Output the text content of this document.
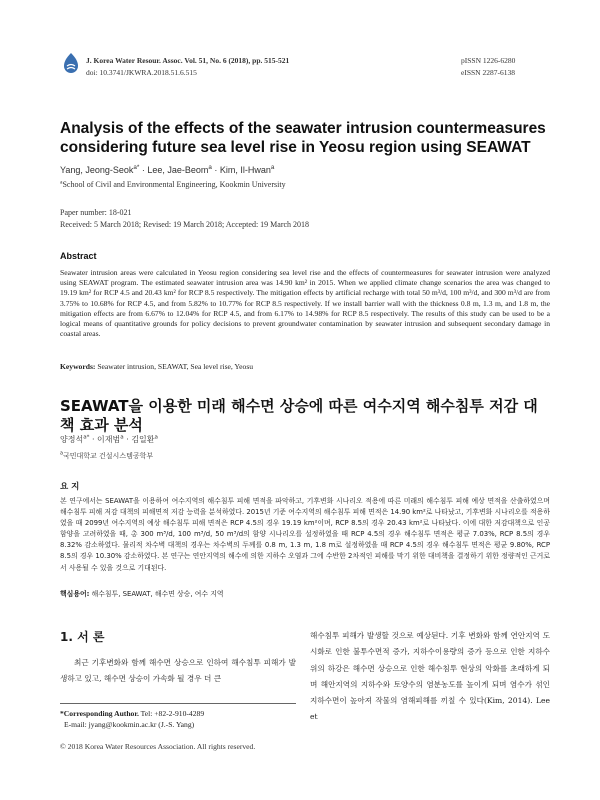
J. Korea Water Resour. Assoc. Vol. 51, No. 6 (2018), pp. 515-521
doi: 10.3741/JKWRA.2018.51.6.515
pISSN 1226-6280
eISSN 2287-6138
Analysis of the effects of the seawater intrusion countermeasures considering future sea level rise in Yeosu region using SEAWAT
Yang, Jeong-Seok$^{a*}$ · Lee, Jae-Beom$^a$ · Kim, Il-Hwan$^a$
$^a$School of Civil and Environmental Engineering, Kookmin University
Paper number: 18-021
Received: 5 March 2018; Revised: 19 March 2018; Accepted: 19 March 2018
Abstract

Seawater intrusion areas were calculated in Yeosu region considering sea level rise and the effects of countermeasures for seawater intrusion were analyzed using SEAWAT program. The estimated seawater intrusion area was 14.90 km² in 2015. When we applied climate change scenarios the area was changed to 19.19 km² for RCP 4.5 and 20.43 km² for RCP 8.5 respectively. The mitigation effects by artificial recharge with total 50 m³/d, 100 m³/d, and 300 m³/d are from 3.75% to 10.68% for RCP 4.5, and from 5.82% to 10.77% for RCP 8.5 respectively. If we install barrier wall with the thickness 0.8 m, 1.3 m, and 1.8 m, the mitigation effects are from 6.67% to 12.04% for RCP 4.5, and from 6.17% to 14.98% for RCP 8.5 respectively. The results of this study can be used to be a logical means of quantitative grounds for policy decisions to prevent groundwater contamination by seawater intrusion and subsequent secondary damage in coastal areas.

Keywords: Seawater intrusion, SEAWAT, Sea level rise, Yeosu
SEAWAT을 이용한 미래 해수면 상승에 따른 여수지역 해수침투 저감 대책 효과 분석
양정석$^{a*}$ · 이재범$^a$ · 김일환$^a$
$^a$국민대학교 건설시스템공학부
요 지

본 연구에서는 SEAWAT을 이용하여 여수지역의 해수침투 피해 면적을 파악하고, 기후변화 시나리오 적용에 따른 미래의 해수침투 피해 예상 면적을 산출하였으며 해수침투 피해 저감 대책의 피해면적 저감 능력을 분석하였다. 2015년 기준 여수지역의 해수침투 피해 면적은 14.90 km²로 나타났고, 기후변화 시나리오를 적용하였을 때 2099년 여수지역의 예상 해수침투 피해 면적은 RCP 4.5의 경우 19.19 km²이며, RCP 8.5의 경우 20.43 km²로 나타났다. 이에 대한 저감대책으로 인공함양을 고려하였을 때, 총 300 m³/d, 100 m³/d, 50 m³/d의 함양 시나리오를 설정하였을 때 RCP 4.5의 경우 해수침투 면적은 평균 7.03%, RCP 8.5의 경우 8.32% 감소하였다. 물리적 차수벽 대책의 경우는 차수벽의 두께를 0.8 m, 1.3 m, 1.8 m로 설정하였을 때 RCP 4.5의 경우 해수침투 면적은 평균 9.80%, RCP 8.5의 경우 10.30% 감소하였다. 본 연구는 연안지역의 해수에 의한 지하수 오염과 그에 수반한 2차적인 피해를 막기 위한 대비책을 결정하기 위한 정량적인 근거로서 사용될 수 있을 것으로 기대된다.

핵심용어: 해수침투, SEAWAT, 해수면 상승, 여수 지역
1. 서 론

최근 기후변화와 함께 해수면 상승으로 인하여 해수침투 피해가 발생하고 있고, 해수면 상승이 가속화 될 경우 더 큰

해수침투 피해가 발생할 것으로 예상된다. 기후 변화와 함께 연안지역 도시화로 인한 불투수면적 증가, 지하수이용량의 증가 등으로 인한 지하수위의 하강은 해수면 상승으로 인한 해수침투 현상의 악화를 초래하게 되며 해안지역의 지하수와 토양수의 염분농도를 높이게 되며 염수가 섞인 지하수면이 높아져 작물의 염해피해를 끼칠 수 있다(Kim, 2014). Lee et

*Corresponding Author. Tel: +82-2-910-4289
E-mail: jyang@kookmin.ac.kr (J.-S. Yang)
© 2018 Korea Water Resources Association. All rights reserved.
